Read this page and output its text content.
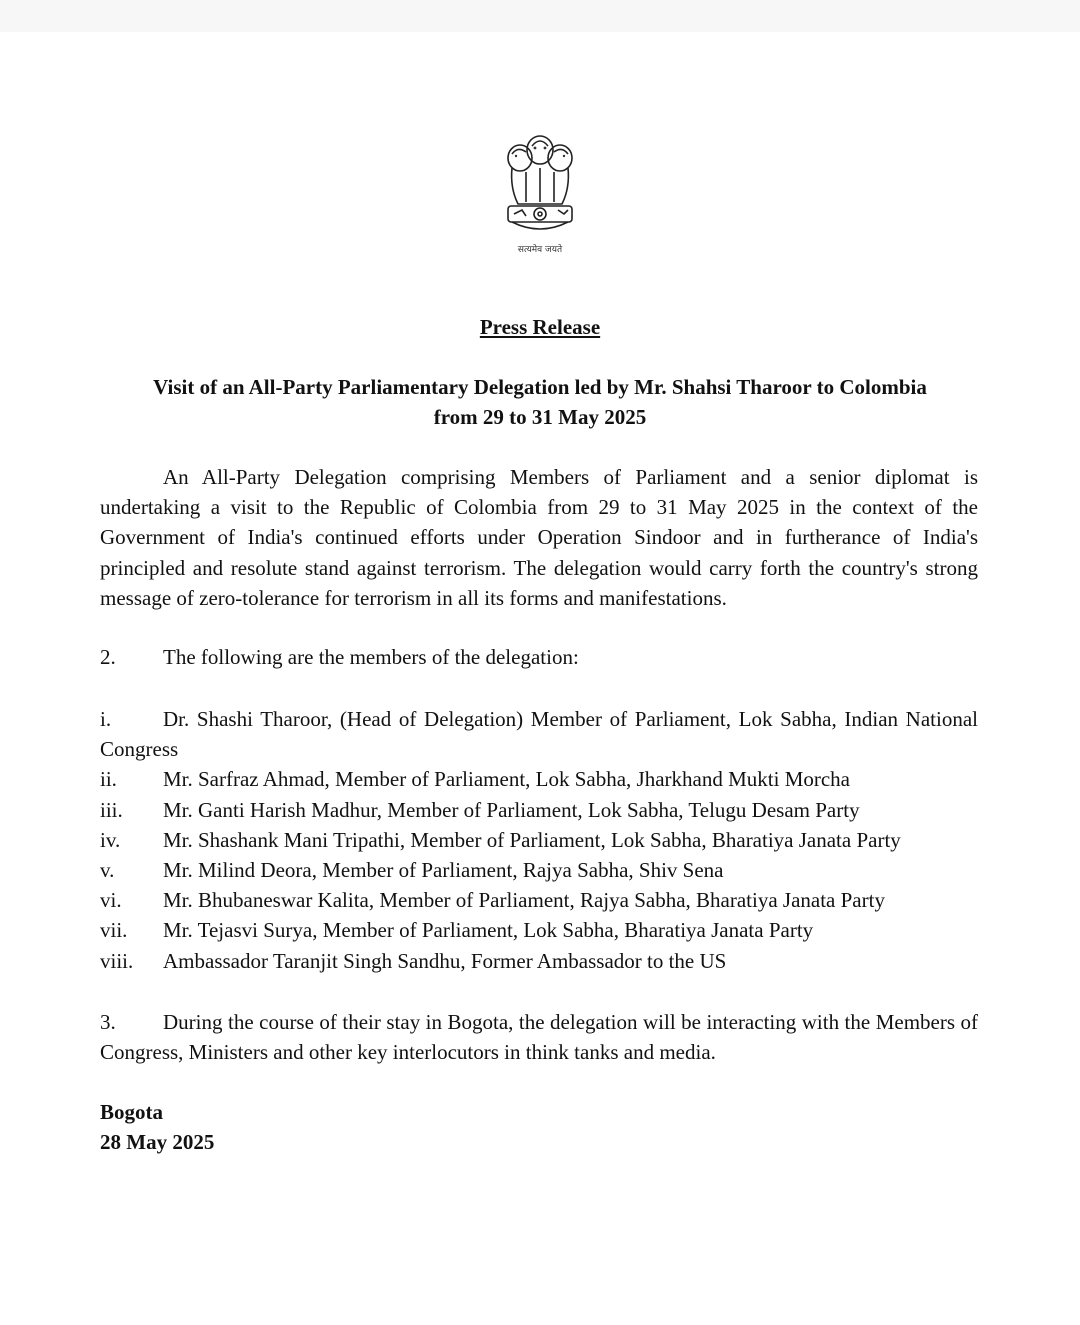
सत्यमेव जयते
Press Release
Visit of an All-Party Parliamentary Delegation led by Mr. Shahsi Tharoor to Colombia
from 29 to 31 May 2025

An All-Party Delegation comprising Members of Parliament and a senior diplomat is undertaking a visit to the Republic of Colombia from 29 to 31 May 2025 in the context of the Government of India's continued efforts under Operation Sindoor and in furtherance of India's principled and resolute stand against terrorism. The delegation would carry forth the country's strong message of zero-tolerance for terrorism in all its forms and manifestations.

2.	The following are the members of the delegation:
i. Dr. Shashi Tharoor, (Head of Delegation) Member of Parliament, Lok Sabha, Indian National Congress
ii.	Mr. Sarfraz Ahmad, Member of Parliament, Lok Sabha, Jharkhand Mukti Morcha
iii.	Mr. Ganti Harish Madhur, Member of Parliament, Lok Sabha, Telugu Desam Party
iv.	Mr. Shashank Mani Tripathi, Member of Parliament, Lok Sabha, Bharatiya Janata Party
v.	Mr. Milind Deora, Member of Parliament, Rajya Sabha, Shiv Sena
vi.	Mr. Bhubaneswar Kalita, Member of Parliament, Rajya Sabha, Bharatiya Janata Party
vii.	Mr. Tejasvi Surya, Member of Parliament, Lok Sabha, Bharatiya Janata Party
viii.	Ambassador Taranjit Singh Sandhu, Former Ambassador to the US

3. During the course of their stay in Bogota, the delegation will be interacting with the Members of Congress, Ministers and other key interlocutors in think tanks and media.

Bogota
28 May 2025
